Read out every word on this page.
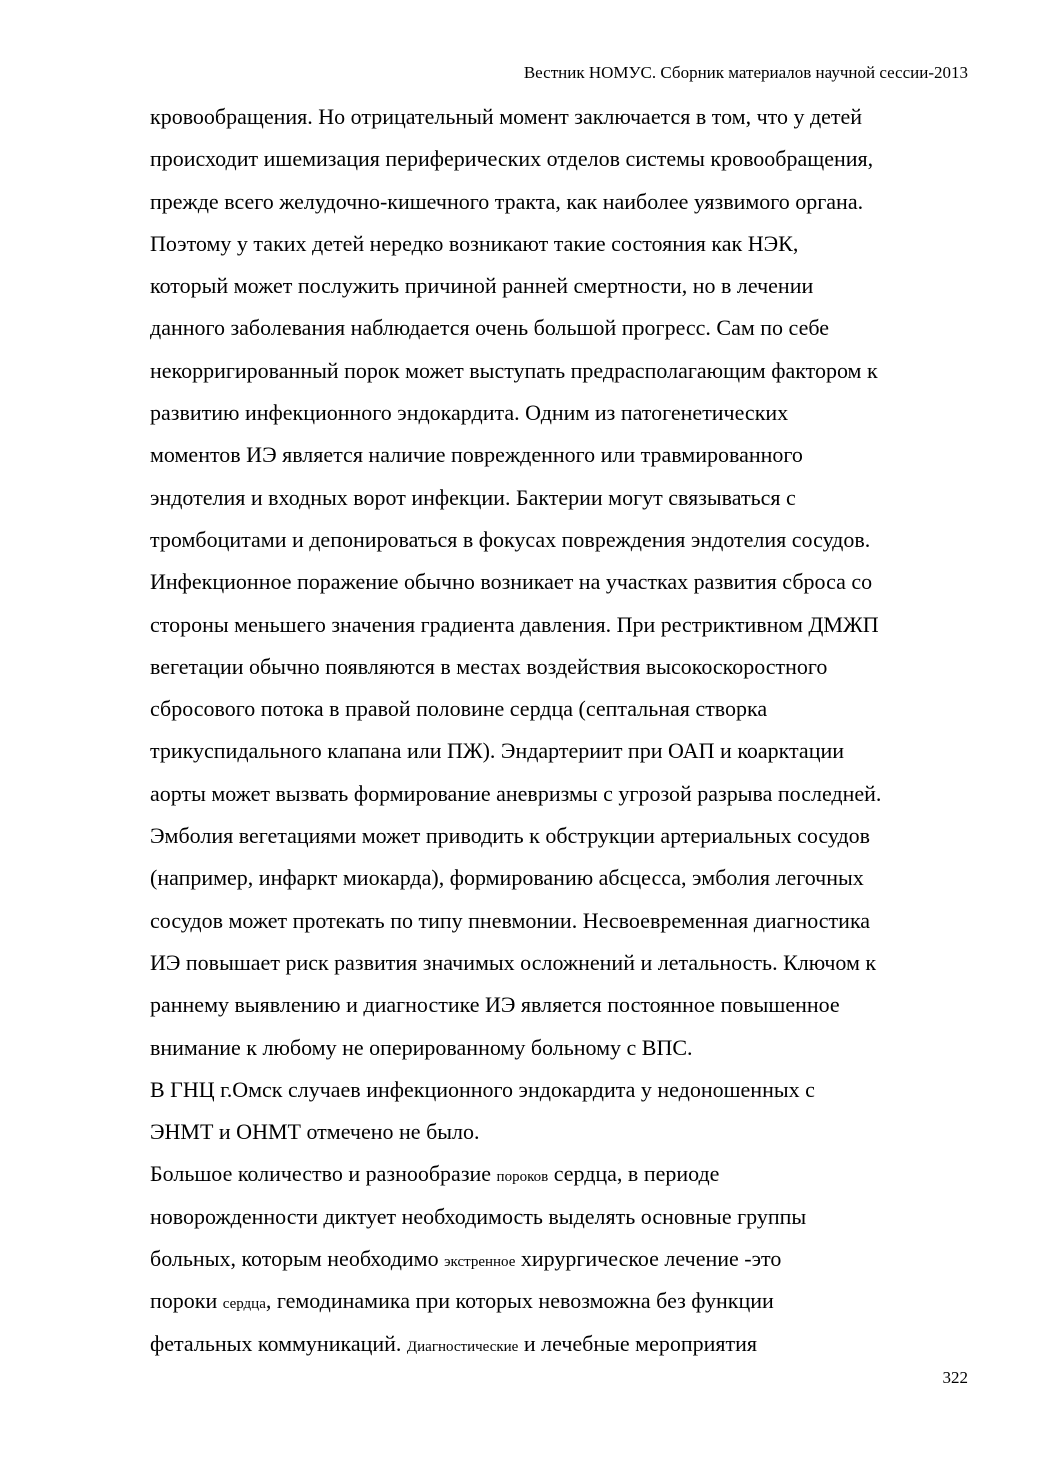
Вестник НОМУС. Сборник материалов научной сессии-2013
кровообращения. Но отрицательный момент заключается в том, что у детей
происходит ишемизация периферических отделов системы кровообращения,
прежде всего желудочно-кишечного тракта, как наиболее уязвимого органа.
Поэтому у таких детей нередко возникают такие состояния как НЭК,
который может послужить причиной ранней смертности, но в лечении
данного заболевания наблюдается очень большой прогресс. Сам по себе
некорригированный порок может выступать предрасполагающим фактором к
развитию инфекционного эндокардита. Одним из патогенетических
моментов ИЭ является наличие поврежденного или травмированного
эндотелия и входных ворот инфекции. Бактерии могут связываться с
тромбоцитами и депонироваться в фокусах повреждения эндотелия сосудов.
Инфекционное поражение обычно возникает на участках развития сброса со
стороны меньшего значения градиента давления. При рестриктивном ДМЖП
вегетации обычно появляются в местах воздействия высокоскоростного
сбросового потока в правой половине сердца (септальная створка
трикуспидального клапана или ПЖ). Эндартериит при ОАП и коарктации
аорты может вызвать формирование аневризмы с угрозой разрыва последней.
Эмболия вегетациями может приводить к обструкции артериальных сосудов
(например, инфаркт миокарда), формированию абсцесса, эмболия легочных
сосудов может протекать по типу пневмонии. Несвоевременная диагностика
ИЭ повышает риск развития значимых осложнений и летальность. Ключом к
раннему выявлению и диагностике ИЭ является постоянное повышенное
внимание к любому не оперированному больному с ВПС.
В ГНЦ г.Омск случаев инфекционного эндокардита у недоношенных с
ЭНМТ и ОНМТ отмечено не было.
Большое количество и разнообразие пороков сердца, в периоде
новорожденности диктует необходимость выделять основные группы
больных, которым необходимо экстренное хирургическое лечение -это
пороки сердца, гемодинамика при которых невозможна без функции
фетальных коммуникаций. Диагностические и лечебные мероприятия
322
